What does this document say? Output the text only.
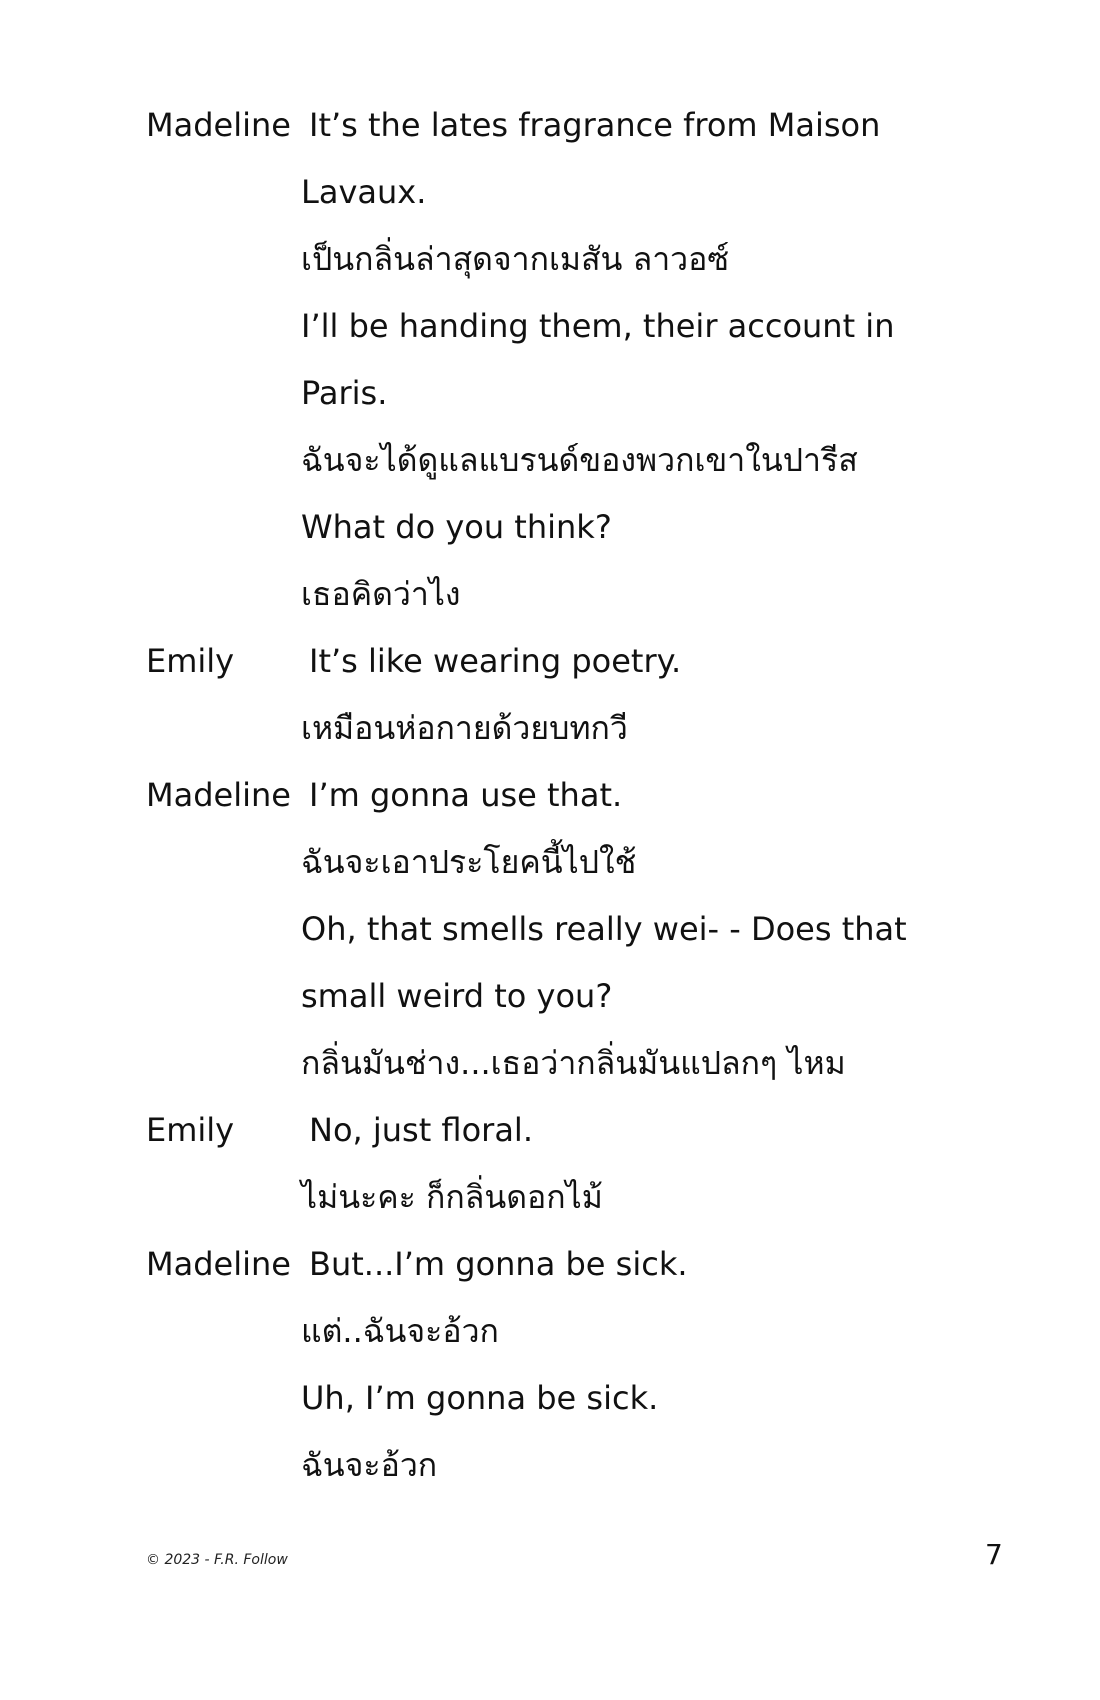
Madeline It’s the lates fragrance from Maison
Lavaux.
เป็นกลิ่นล่าสุดจากเมสัน ลาวอซ์
I’ll be handing them, their account in
Paris.
ฉันจะได้ดูแลแบรนด์ของพวกเขาในปารีส
What do you think?
เธอคิดว่าไง
Emily It’s like wearing poetry.
เหมือนห่อกายด้วยบทกวี
Madeline I’m gonna use that.
ฉันจะเอาประโยคนี้ไปใช้
Oh, that smells really wei- - Does that
small weird to you?
กลิ่นมันช่าง...เธอว่ากลิ่นมันแปลกๆ ไหม
Emily No, just floral.
ไม่นะคะ ก็กลิ่นดอกไม้
Madeline But...I’m gonna be sick.
แต่..ฉันจะอ้วก
Uh, I’m gonna be sick.
ฉันจะอ้วก
© 2023 - F.R. Follow	7
